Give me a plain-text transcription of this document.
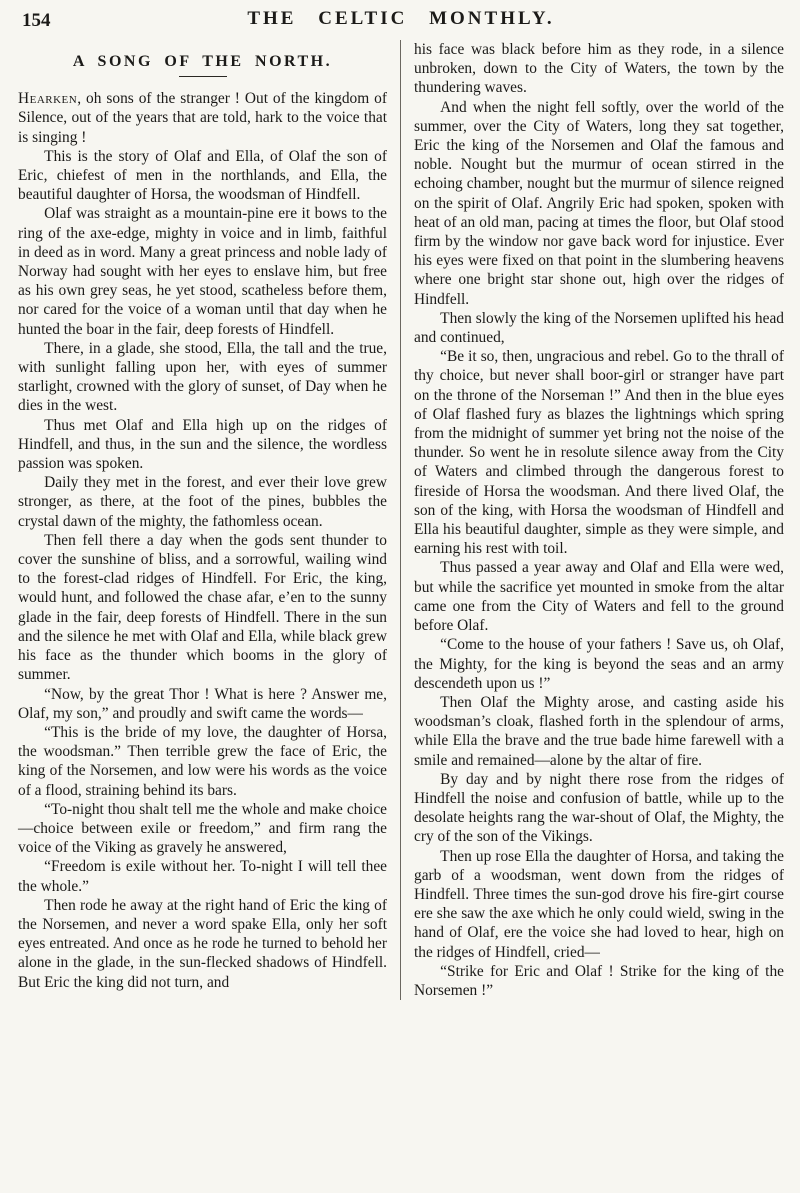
154	THE CELTIC MONTHLY.
A SONG OF THE NORTH.

Hearken, oh sons of the stranger ! Out of the kingdom of Silence, out of the years that are told, hark to the voice that is singing !

This is the story of Olaf and Ella, of Olaf the son of Eric, chiefest of men in the northlands, and Ella, the beautiful daughter of Horsa, the woodsman of Hindfell.

Olaf was straight as a mountain-pine ere it bows to the ring of the axe-edge, mighty in voice and in limb, faithful in deed as in word. Many a great princess and noble lady of Norway had sought with her eyes to enslave him, but free as his own grey seas, he yet stood, scatheless before them, nor cared for the voice of a woman until that day when he hunted the boar in the fair, deep forests of Hindfell.

There, in a glade, she stood, Ella, the tall and the true, with sunlight falling upon her, with eyes of summer starlight, crowned with the glory of sunset, of Day when he dies in the west.

Thus met Olaf and Ella high up on the ridges of Hindfell, and thus, in the sun and the silence, the wordless passion was spoken.

Daily they met in the forest, and ever their love grew stronger, as there, at the foot of the pines, bubbles the crystal dawn of the mighty, the fathomless ocean.

Then fell there a day when the gods sent thunder to cover the sunshine of bliss, and a sorrowful, wailing wind to the forest-clad ridges of Hindfell. For Eric, the king, would hunt, and followed the chase afar, e’en to the sunny glade in the fair, deep forests of Hindfell. There in the sun and the silence he met with Olaf and Ella, while black grew his face as the thunder which booms in the glory of summer.

“Now, by the great Thor ! What is here ? Answer me, Olaf, my son,” and proudly and swift came the words—

“This is the bride of my love, the daughter of Horsa, the woodsman.” Then terrible grew the face of Eric, the king of the Norsemen, and low were his words as the voice of a flood, straining behind its bars.

“To-night thou shalt tell me the whole and make choice—choice between exile or freedom,” and firm rang the voice of the Viking as gravely he answered,

“Freedom is exile without her. To-night I will tell thee the whole.”

Then rode he away at the right hand of Eric the king of the Norsemen, and never a word spake Ella, only her soft eyes entreated. And once as he rode he turned to behold her alone in the glade, in the sun-flecked shadows of Hindfell. But Eric the king did not turn, and

his face was black before him as they rode, in a silence unbroken, down to the City of Waters, the town by the thundering waves.

And when the night fell softly, over the world of the summer, over the City of Waters, long they sat together, Eric the king of the Norsemen and Olaf the famous and noble. Nought but the murmur of ocean stirred in the echoing chamber, nought but the murmur of silence reigned on the spirit of Olaf. Angrily Eric had spoken, spoken with heat of an old man, pacing at times the floor, but Olaf stood firm by the window nor gave back word for injustice. Ever his eyes were fixed on that point in the slumbering heavens where one bright star shone out, high over the ridges of Hindfell.

Then slowly the king of the Norsemen uplifted his head and continued,

“Be it so, then, ungracious and rebel. Go to the thrall of thy choice, but never shall boor-girl or stranger have part on the throne of the Norseman !” And then in the blue eyes of Olaf flashed fury as blazes the lightnings which spring from the midnight of summer yet bring not the noise of the thunder. So went he in resolute silence away from the City of Waters and climbed through the dangerous forest to fireside of Horsa the woodsman. And there lived Olaf, the son of the king, with Horsa the woodsman of Hindfell and Ella his beautiful daughter, simple as they were simple, and earning his rest with toil.

Thus passed a year away and Olaf and Ella were wed, but while the sacrifice yet mounted in smoke from the altar came one from the City of Waters and fell to the ground before Olaf.

“Come to the house of your fathers ! Save us, oh Olaf, the Mighty, for the king is beyond the seas and an army descendeth upon us !”

Then Olaf the Mighty arose, and casting aside his woodsman’s cloak, flashed forth in the splendour of arms, while Ella the brave and the true bade hime farewell with a smile and remained—alone by the altar of fire.

By day and by night there rose from the ridges of Hindfell the noise and confusion of battle, while up to the desolate heights rang the war-shout of Olaf, the Mighty, the cry of the son of the Vikings.

Then up rose Ella the daughter of Horsa, and taking the garb of a woodsman, went down from the ridges of Hindfell. Three times the sun-god drove his fire-girt course ere she saw the axe which he only could wield, swing in the hand of Olaf, ere the voice she had loved to hear, high on the ridges of Hindfell, cried—

“Strike for Eric and Olaf ! Strike for the king of the Norsemen !”
